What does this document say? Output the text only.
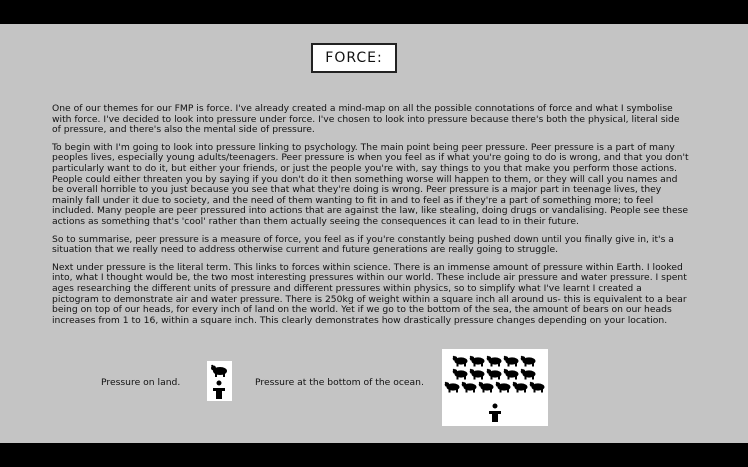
FORCE:

One of our themes for our FMP is force. I've already created a mind-map on all the possible connotations of force and what I symbolise with force. I've decided to look into pressure under force. I've chosen to look into pressure because there's both the physical, literal side of pressure, and there's also the mental side of pressure.

To begin with I'm going to look into pressure linking to psychology. The main point being peer pressure. Peer pressure is a part of many peoples lives, especially young adults/teenagers. Peer pressure is when you feel as if what you're going to do is wrong, and that you don't particularly want to do it, but either your friends, or just the people you're with, say things to you that make you perform those actions. People could either threaten you by saying if you don't do it then something worse will happen to them, or they will call you names and be overall horrible to you just because you see that what they're doing is wrong. Peer pressure is a major part in teenage lives, they mainly fall under it due to society, and the need of them wanting to fit in and to feel as if they're a part of something more; to feel included. Many people are peer pressured into actions that are against the law, like stealing, doing drugs or vandalising. People see these actions as something that's 'cool' rather than them actually seeing the consequences it can lead to in their future.

So to summarise, peer pressure is a measure of force, you feel as if you're constantly being pushed down until you finally give in, it's a situation that we really need to address otherwise current and future generations are really going to struggle.

Next under pressure is the literal term. This links to forces within science. There is an immense amount of pressure within Earth. I looked into, what I thought would be, the two most interesting pressures within our world. These include air pressure and water pressure. I spent ages researching the different units of pressure and different pressures within physics, so to simplify what I've learnt I created a pictogram to demonstrate air and water pressure. There is 250kg of weight within a square inch all around us- this is equivalent to a bear being on top of our heads, for every inch of land on the world. Yet if we go to the bottom of the sea, the amount of bears on our heads increases from 1 to 16, within a square inch. This clearly demonstrates how drastically pressure changes depending on your location.

Pressure on land.	Pressure at the bottom of the ocean.
